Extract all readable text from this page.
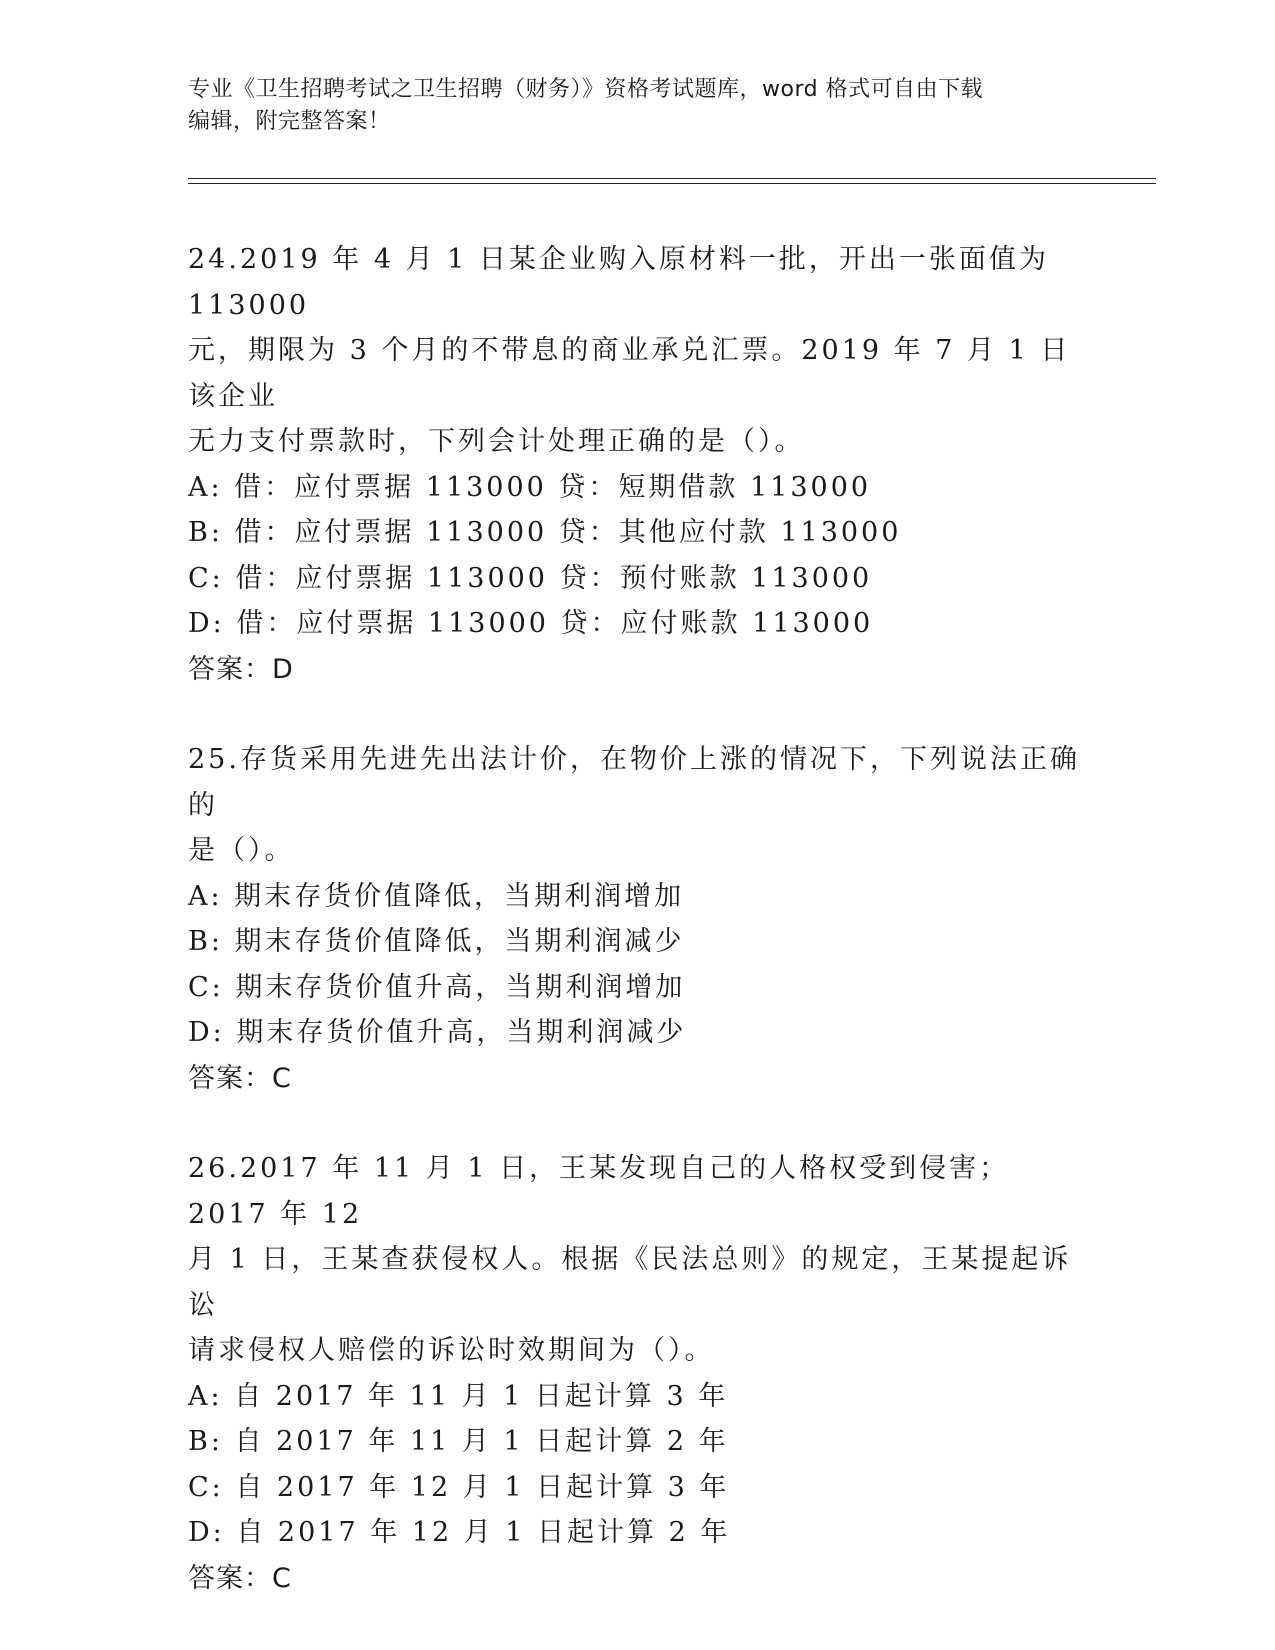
专业《卫生招聘考试之卫生招聘（财务）》资格考试题库，word 格式可自由下载
编辑，附完整答案！
24.2019 年 4 月 1 日某企业购入原材料一批，开出一张面值为 113000
元，期限为 3 个月的不带息的商业承兑汇票。2019 年 7 月 1 日该企业
无力支付票款时，下列会计处理正确的是（）。
A: 借：应付票据 113000 贷：短期借款 113000
B: 借：应付票据 113000 贷：其他应付款 113000
C: 借：应付票据 113000 贷：预付账款 113000
D: 借：应付票据 113000 贷：应付账款 113000
答案：D
25.存货采用先进先出法计价，在物价上涨的情况下，下列说法正确的
是（）。
A: 期末存货价值降低，当期利润增加
B: 期末存货价值降低，当期利润减少
C: 期末存货价值升高，当期利润增加
D: 期末存货价值升高，当期利润减少
答案：C
26.2017 年 11 月 1 日，王某发现自己的人格权受到侵害；2017 年 12
月 1 日，王某查获侵权人。根据《民法总则》的规定，王某提起诉讼
请求侵权人赔偿的诉讼时效期间为（）。
A: 自 2017 年 11 月 1 日起计算 3 年
B: 自 2017 年 11 月 1 日起计算 2 年
C: 自 2017 年 12 月 1 日起计算 3 年
D: 自 2017 年 12 月 1 日起计算 2 年
答案：C
